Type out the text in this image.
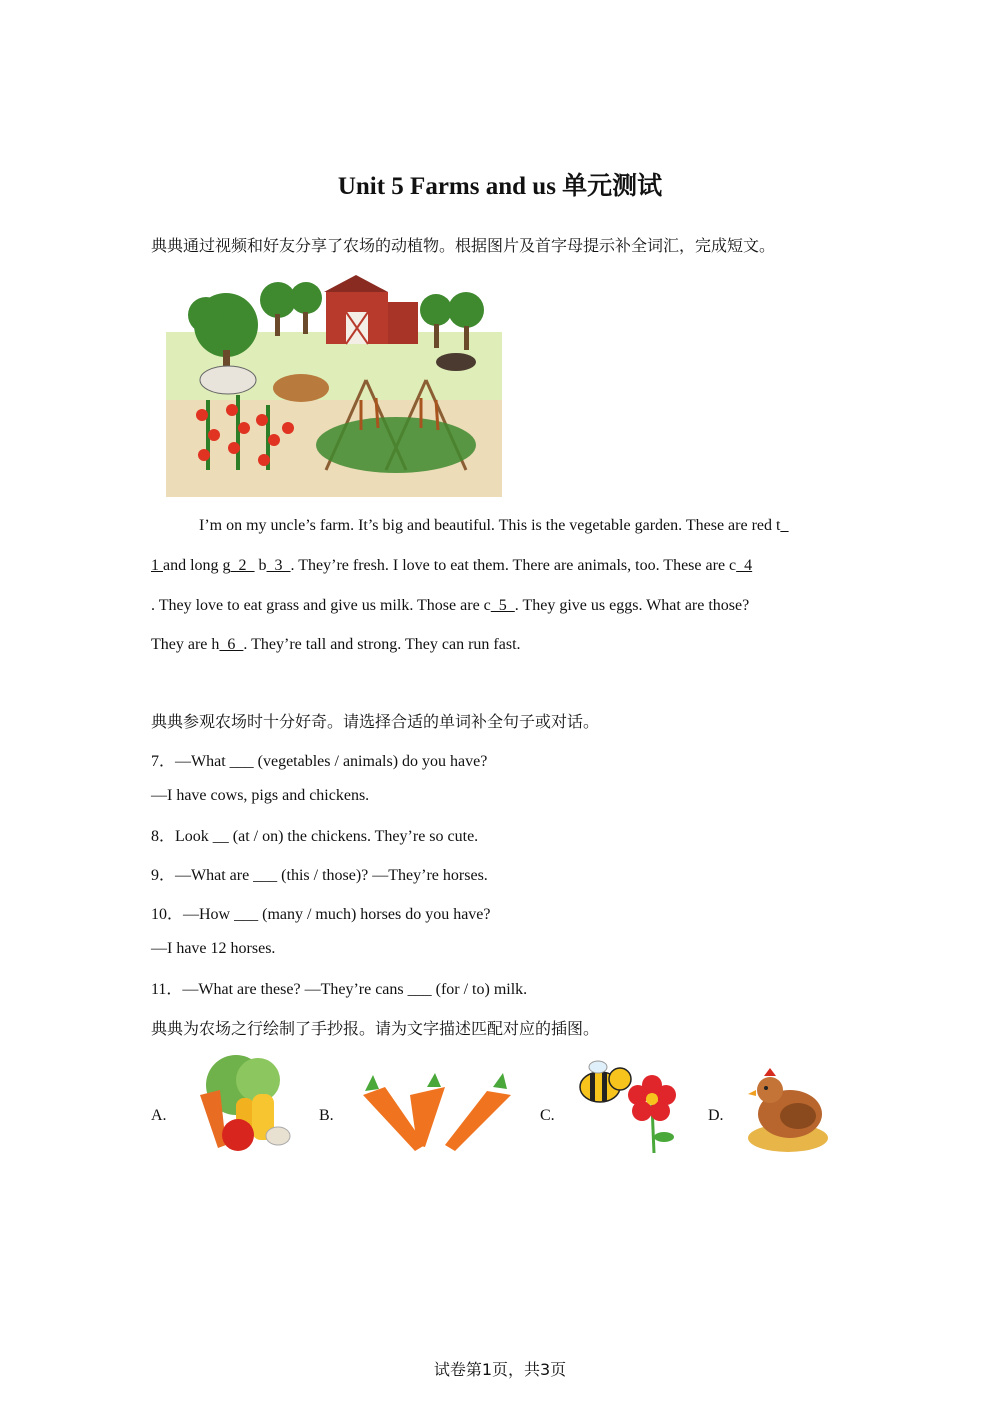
Unit 5 Farms and us 单元测试
典典通过视频和好友分享了农场的动植物。根据图片及首字母提示补全词汇，完成短文。
I’m on my uncle’s farm. It’s big and beautiful. This is the vegetable garden. These are red t_
1 and long g  2   b  3  . They’re fresh. I love to eat them. There are animals, too. These are c  4
. They love to eat grass and give us milk. Those are c  5  . They give us eggs. What are those?
They are h  6  . They’re tall and strong. They can run fast.
典典参观农场时十分好奇。请选择合适的单词补全句子或对话。
7．—What ___ (vegetables / animals) do you have?
—I have cows, pigs and chickens.
8．Look __ (at / on) the chickens. They’re so cute.
9．—What are ___ (this / those)? —They’re horses.
10．—How ___ (many / much) horses do you have?
—I have 12 horses.
11．—What are these? —They’re cans ___ (for / to) milk.
典典为农场之行绘制了手抄报。请为文字描述匹配对应的插图。
A.	B.	C.	D.
试卷第1页，共3页
